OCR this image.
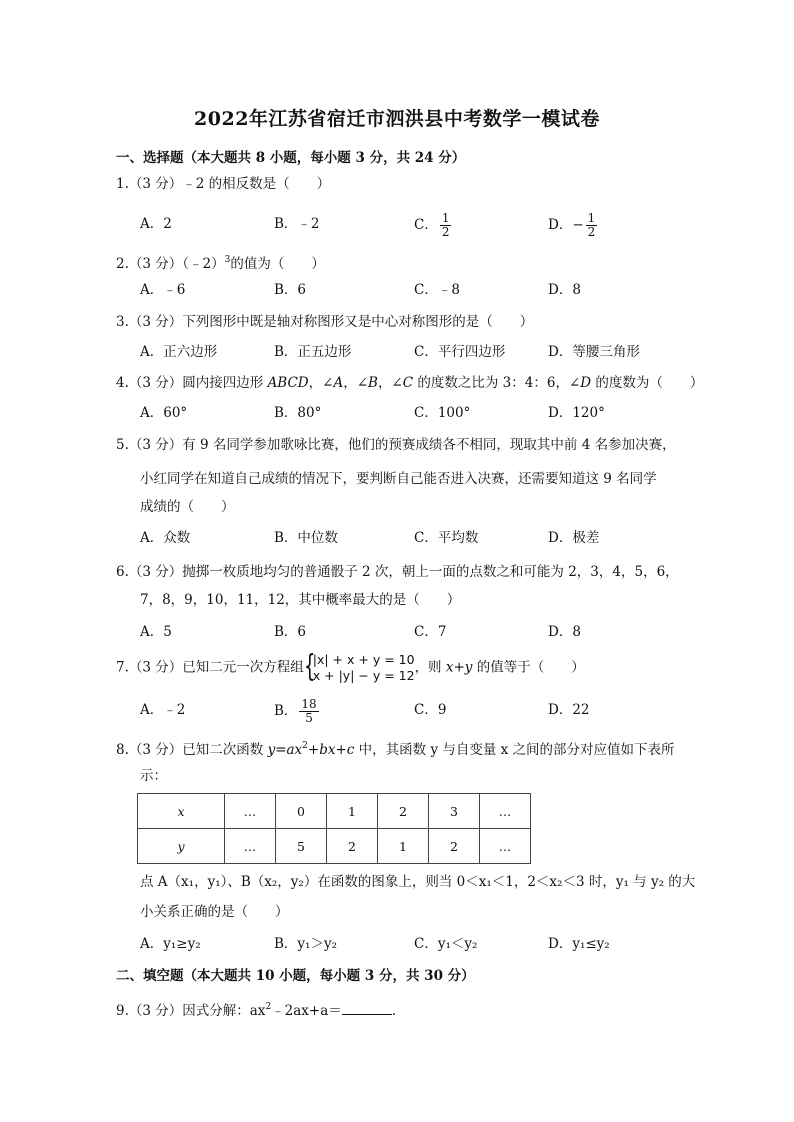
2022年江苏省宿迁市泗洪县中考数学一模试卷
一、选择题（本大题共 8 小题，每小题 3 分，共 24 分）
1.（3 分）﹣2 的相反数是（　　）
A．2	B．﹣2	C． $\frac{1}{2}$	D．− $\frac{1}{2}$
2.（3 分）（﹣2）$^3$的值为（　　）
A．﹣6	B．6	C．﹣8	D．8
3.（3 分）下列图形中既是轴对称图形又是中心对称图形的是（　　）
A．正六边形	B．正五边形	C．平行四边形	D．等腰三角形
4.（3 分）圆内接四边形 ABCD，∠A，∠B，∠C 的度数之比为 3：4：6，∠D 的度数为（　　）
A．60°	B．80°	C．100°	D．120°
5.（3 分）有 9 名同学参加歌咏比赛，他们的预赛成绩各不相同，现取其中前 4 名参加决赛，
小红同学在知道自己成绩的情况下，要判断自己能否进入决赛，还需要知道这 9 名同学
成绩的（　　）
A．众数	B．中位数	C．平均数	D．极差
6.（3 分）抛掷一枚质地均匀的普通骰子 2 次，朝上一面的点数之和可能为 2，3，4，5，6，
7，8，9，10，11，12，其中概率最大的是（　　）
A．5	B．6	C．7	D．8
7.（3 分）已知二元一次方程组 {
|x| + x + y = 10
x + |y| − y = 12 ，则 x+y 的值等于（　　）
A．﹣2	B． $\frac{18}{5}$	C．9	D．22
8.（3 分）已知二次函数 $y=ax^2+bx+c$ 中，其函数 y 与自变量 x 之间的部分对应值如下表所
示：
x	…	0	1	2	3	…
y	…	5	2	1	2	…
点 A（x₁，y₁）、B（x₂，y₂）在函数的图象上，则当 0＜x₁＜1，2＜x₂＜3 时，y₁ 与 y₂ 的大
小关系正确的是（　　）
A．y₁≥y₂	B．y₁＞y₂	C．y₁＜y₂	D．y₁≤y₂
二、填空题（本大题共 10 小题，每小题 3 分，共 30 分）
9.（3 分）因式分解：$ax^2﹣2ax+a=$	.
